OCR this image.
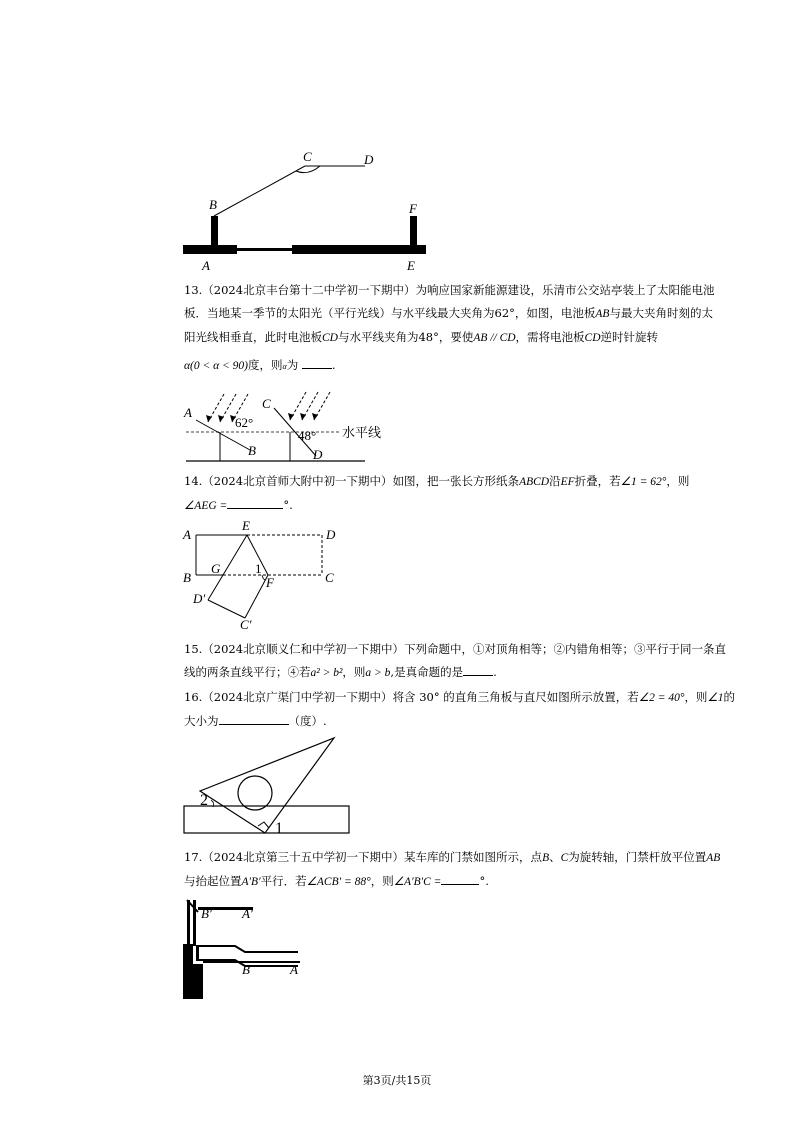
C	D
B	F
A	E

13.（2024北京丰台第十二中学初一下期中）为响应国家新能源建设，乐清市公交站亭装上了太阳能电池

板．当地某一季节的太阳光（平行光线）与水平线最大夹角为62°，如图，电池板AB与最大夹角时刻的太

阳光线相垂直，此时电池板CD与水平线夹角为48°，要使AB // CD，需将电池板CD逆时针旋转

α(0 < α < 90)度，则α为	.

A
B
C
D
62°
48° 水平线

14.（2024北京首师大附中初一下期中）如图，把一张长方形纸条ABCD沿EF折叠，若∠1 = 62°，则

∠AEG =	°.

A
E
D
B
G	1
F	C
D′
C′

15.（2024北京顺义仁和中学初一下期中）下列命题中，①对顶角相等；②内错角相等；③平行于同一条直

线的两条直线平行；④若a² > b²，则a > b,是真命题的是	.

16.（2024北京广渠门中学初一下期中）将含 30° 的直角三角板与直尺如图所示放置，若∠2 = 40°，则∠1的

大小为	（度）.

2
1

17.（2024北京第三十五中学初一下期中）某车库的门禁如图所示，点B、C为旋转轴，门禁杆放平位置AB

与抬起位置A′B′平行．若∠ACB′ = 88°，则∠A′B′C =	°.

B′ A′
C	B	A
第3页/共15页
